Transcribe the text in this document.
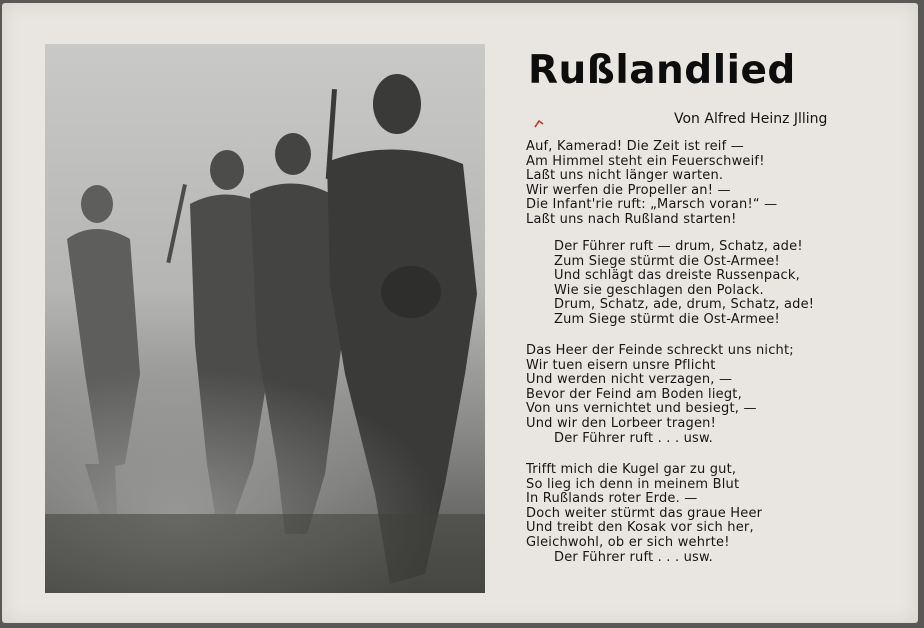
Rußlandlied
Von Alfred Heinz Jlling
Auf, Kamerad! Die Zeit ist reif —
Am Himmel steht ein Feuerschweif!
Laßt uns nicht länger warten.
Wir werfen die Propeller an! —
Die Infant'rie ruft: „Marsch voran!“ —
Laßt uns nach Rußland starten!
Der Führer ruft — drum, Schatz, ade!
Zum Siege stürmt die Ost-Armee!
Und schlägt das dreiste Russenpack,
Wie sie geschlagen den Polack.
Drum, Schatz, ade, drum, Schatz, ade!
Zum Siege stürmt die Ost-Armee!
Das Heer der Feinde schreckt uns nicht;
Wir tuen eisern unsre Pflicht
Und werden nicht verzagen, —
Bevor der Feind am Boden liegt,
Von uns vernichtet und besiegt, —
Und wir den Lorbeer tragen!
Der Führer ruft . . . usw.
Trifft mich die Kugel gar zu gut,
So lieg ich denn in meinem Blut
In Rußlands roter Erde. —
Doch weiter stürmt das graue Heer
Und treibt den Kosak vor sich her,
Gleichwohl, ob er sich wehrte!
Der Führer ruft . . . usw.
